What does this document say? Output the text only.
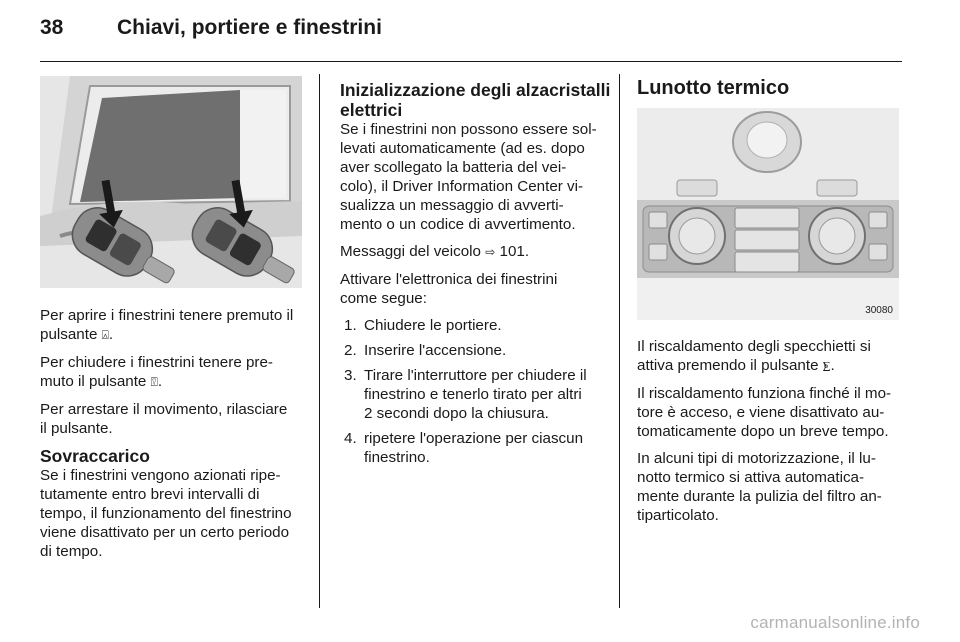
38	Chiavi, portiere e finestrini

Per aprire i finestrini tenere premuto il
pulsante ⍓.

Per chiudere i finestrini tenere pre-
muto il pulsante ⍔.

Per arrestare il movimento, rilasciare
il pulsante.

Sovraccarico

Se i finestrini vengono azionati ripe-
tutamente entro brevi intervalli di
tempo, il funzionamento del finestrino
viene disattivato per un certo periodo
di tempo.

Inizializzazione degli alzacristalli
elettrici

Se i finestrini non possono essere sol-
levati automaticamente (ad es. dopo
aver scollegato la batteria del vei-
colo), il Driver Information Center vi-
sualizza un messaggio di avverti-
mento o un codice di avvertimento.

Messaggi del veicolo ⇨ 101.

Attivare l'elettronica dei finestrini
come segue:

1. Chiudere le portiere.
2. Inserire l'accensione.
3. Tirare l'interruttore per chiudere il
finestrino e tenerlo tirato per altri
2 secondi dopo la chiusura.
4. ripetere l'operazione per ciascun
finestrino.
Lunotto termico
30080

Il riscaldamento degli specchietti si
attiva premendo il pulsante ⨊.

Il riscaldamento funziona finché il mo-
tore è acceso, e viene disattivato au-
tomaticamente dopo un breve tempo.

In alcuni tipi di motorizzazione, il lu-
notto termico si attiva automatica-
mente durante la pulizia del filtro an-
tiparticolato.

carmanualsonline.info
